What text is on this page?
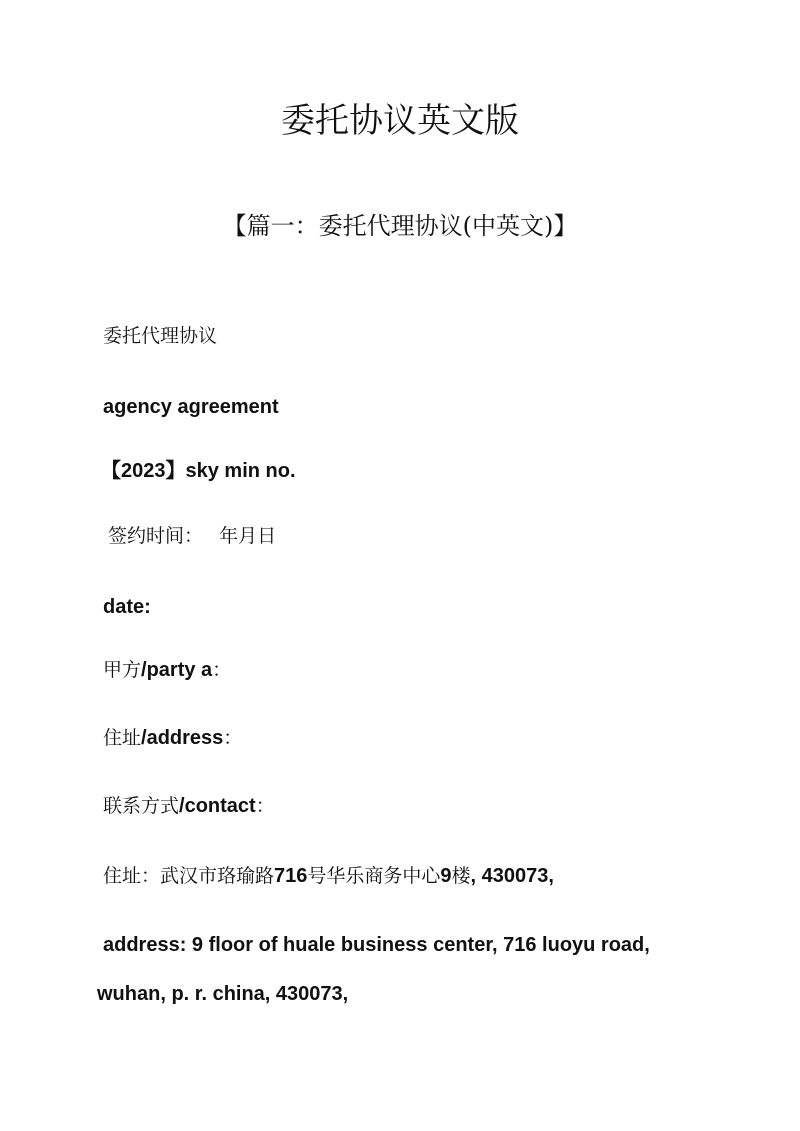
委托协议英文版
【篇一：委托代理协议(中英文)】

委托代理协议

agency agreement

【2023】sky min no.

签约时间： 年月日

date:

甲方/party a：

住址/address：

联系方式/contact：

住址：武汉市珞瑜路716号华乐商务中心9楼, 430073,

address: 9 floor of huale business center, 716 luoyu road,

wuhan, p. r. china, 430073,
